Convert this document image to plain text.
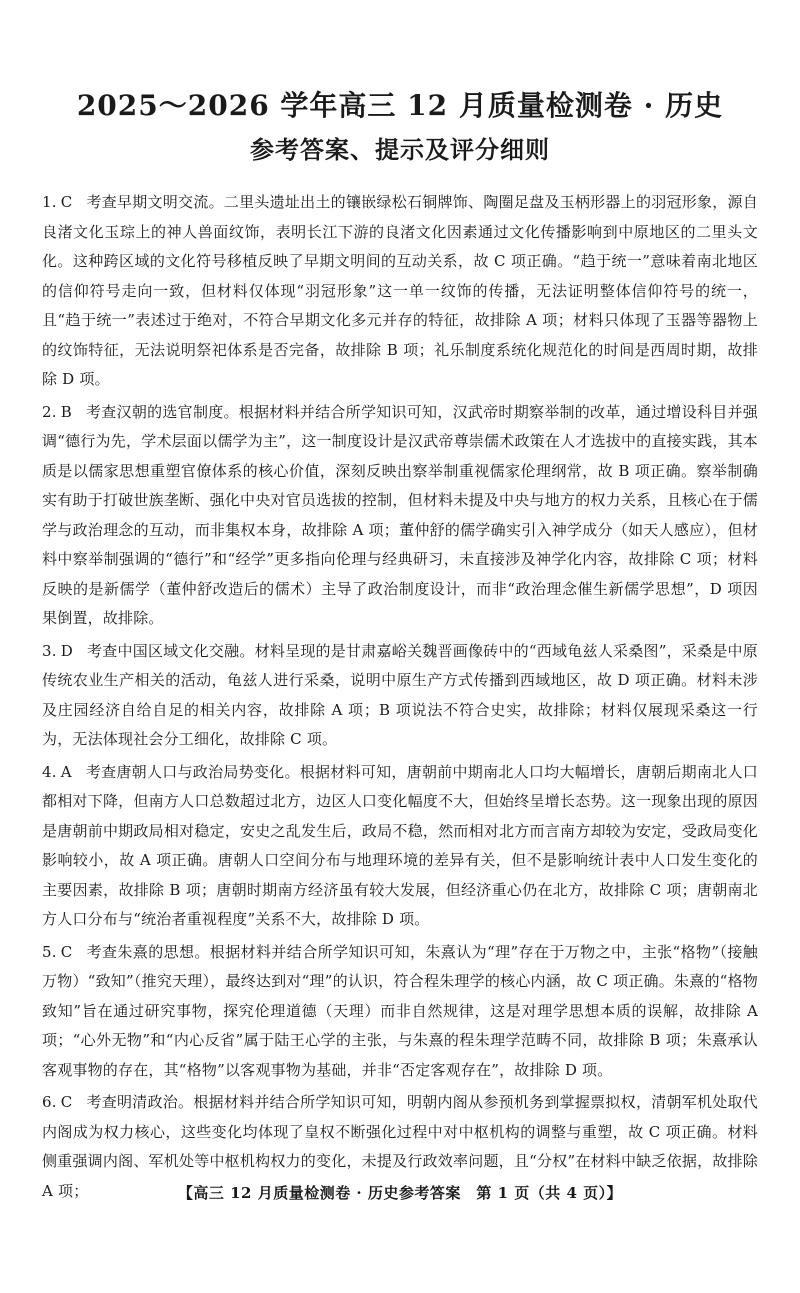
2025～2026 学年高三 12 月质量检测卷 · 历史
参考答案、提示及评分细则

1. C 考查早期文明交流。二里头遗址出土的镶嵌绿松石铜牌饰、陶圈足盘及玉柄形器上的羽冠形象，源自良渚文化玉琮上的神人兽面纹饰，表明长江下游的良渚文化因素通过文化传播影响到中原地区的二里头文化。这种跨区域的文化符号移植反映了早期文明间的互动关系，故 C 项正确。“趋于统一”意味着南北地区的信仰符号走向一致，但材料仅体现“羽冠形象”这一单一纹饰的传播，无法证明整体信仰符号的统一，且“趋于统一”表述过于绝对，不符合早期文化多元并存的特征，故排除 A 项；材料只体现了玉器等器物上的纹饰特征，无法说明祭祀体系是否完备，故排除 B 项；礼乐制度系统化规范化的时间是西周时期，故排除 D 项。

2. B 考查汉朝的选官制度。根据材料并结合所学知识可知，汉武帝时期察举制的改革，通过增设科目并强调“德行为先，学术层面以儒学为主”，这一制度设计是汉武帝尊崇儒术政策在人才选拔中的直接实践，其本质是以儒家思想重塑官僚体系的核心价值，深刻反映出察举制重视儒家伦理纲常，故 B 项正确。察举制确实有助于打破世族垄断、强化中央对官员选拔的控制，但材料未提及中央与地方的权力关系，且核心在于儒学与政治理念的互动，而非集权本身，故排除 A 项；董仲舒的儒学确实引入神学成分（如天人感应），但材料中察举制强调的“德行”和“经学”更多指向伦理与经典研习，未直接涉及神学化内容，故排除 C 项；材料反映的是新儒学（董仲舒改造后的儒术）主导了政治制度设计，而非“政治理念催生新儒学思想”，D 项因果倒置，故排除。

3. D 考查中国区域文化交融。材料呈现的是甘肃嘉峪关魏晋画像砖中的“西域龟兹人采桑图”，采桑是中原传统农业生产相关的活动，龟兹人进行采桑，说明中原生产方式传播到西域地区，故 D 项正确。材料未涉及庄园经济自给自足的相关内容，故排除 A 项；B 项说法不符合史实，故排除；材料仅展现采桑这一行为，无法体现社会分工细化，故排除 C 项。

4. A 考查唐朝人口与政治局势变化。根据材料可知，唐朝前中期南北人口均大幅增长，唐朝后期南北人口都相对下降，但南方人口总数超过北方，边区人口变化幅度不大，但始终呈增长态势。这一现象出现的原因是唐朝前中期政局相对稳定，安史之乱发生后，政局不稳，然而相对北方而言南方却较为安定，受政局变化影响较小，故 A 项正确。唐朝人口空间分布与地理环境的差异有关，但不是影响统计表中人口发生变化的主要因素，故排除 B 项；唐朝时期南方经济虽有较大发展，但经济重心仍在北方，故排除 C 项；唐朝南北方人口分布与“统治者重视程度”关系不大，故排除 D 项。

5. C 考查朱熹的思想。根据材料并结合所学知识可知，朱熹认为“理”存在于万物之中，主张“格物”（接触万物）“致知”（推究天理），最终达到对“理”的认识，符合程朱理学的核心内涵，故 C 项正确。朱熹的“格物致知”旨在通过研究事物，探究伦理道德（天理）而非自然规律，这是对理学思想本质的误解，故排除 A 项；“心外无物”和“内心反省”属于陆王心学的主张，与朱熹的程朱理学范畴不同，故排除 B 项；朱熹承认客观事物的存在，其“格物”以客观事物为基础，并非“否定客观存在”，故排除 D 项。

6. C 考查明清政治。根据材料并结合所学知识可知，明朝内阁从参预机务到掌握票拟权，清朝军机处取代内阁成为权力核心，这些变化均体现了皇权不断强化过程中对中枢机构的调整与重塑，故 C 项正确。材料侧重强调内阁、军机处等中枢机构权力的变化，未提及行政效率问题，且“分权”在材料中缺乏依据，故排除 A 项；	【高三 12 月质量检测卷 · 历史参考答案　第 1 页（共 4 页）】
